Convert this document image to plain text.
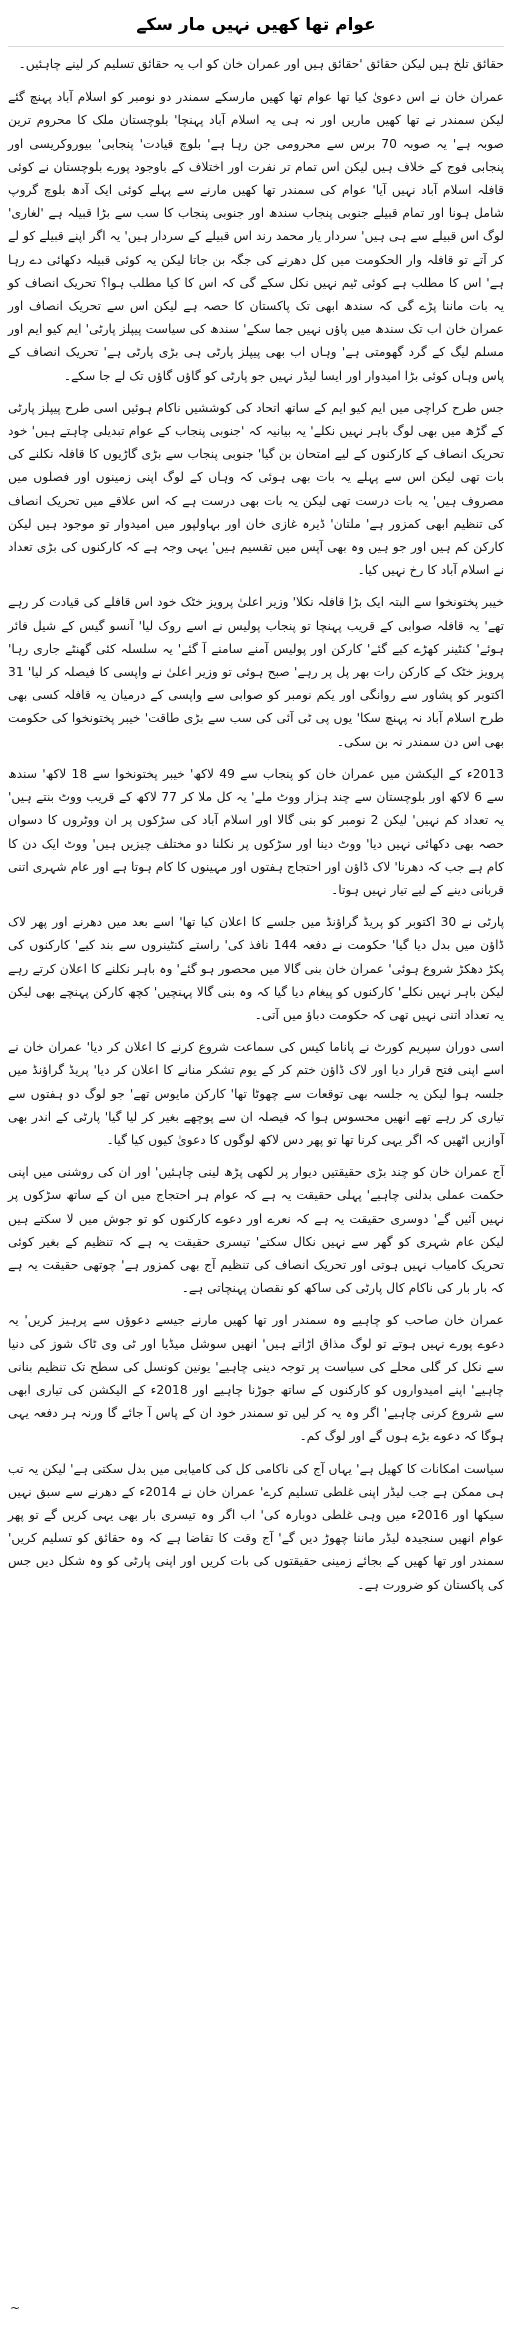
عوام تھا کھیں نہیں مار سکے

حقائق تلخ ہیں لیکن حقائق 'حقائق ہیں اور عمران خان کو اب یہ حقائق تسلیم کر لینے چاہئیں۔

عمران خان نے اس دعویٰ کیا تھا عوام تھا کھیں مارسکے سمندر دو نومبر کو اسلام آباد پہنچ گئے لیکن سمندر نے تھا کھیں ماریں اور نہ ہی یہ اسلام آباد پہنچا' بلوچستان ملک کا محروم ترین صوبہ ہے' یہ صوبہ 70 برس سے محرومی جن رہا ہے' بلوچ قیادت' پنجابی' بیوروکریسی اور پنجابی فوج کے خلاف ہیں لیکن اس تمام تر نفرت اور اختلاف کے باوجود پورے بلوچستان نے کوئی قافلہ اسلام آباد نہیں آیا' عوام کی سمندر تھا کھیں مارنے سے پہلے کوئی ایک آدھ بلوچ گروپ شامل ہونا اور تمام قبیلے جنوبی پنجاب سندھ اور جنوبی پنجاب کا سب سے بڑا قبیلہ ہے 'لغاری' لوگ اس قبیلے سے ہی ہیں' سردار یار محمد رند اس قبیلے کے سردار ہیں' یہ اگر اپنے قبیلے کو لے کر آتے تو قافلہ وار الحکومت میں کل دھرنے کی جگہ بن جاتا لیکن یہ کوئی قبیلہ دکھائی دے رہا ہے' اس کا مطلب ہے کوئی ٹیم نہیں نکل سکے گی کہ اس کا کیا مطلب ہوا؟ تحریک انصاف کو یہ بات ماننا پڑے گی کہ سندھ ابھی تک پاکستان کا حصہ ہے لیکن اس سے تحریک انصاف اور عمران خان اب تک سندھ میں پاؤں نہیں جما سکے' سندھ کی سیاست پیپلز پارٹی' ایم کیو ایم اور مسلم لیگ کے گرد گھومتی ہے' وہاں اب بھی پیپلز پارٹی ہی بڑی پارٹی ہے' تحریک انصاف کے پاس وہاں کوئی بڑا امیدوار اور ایسا لیڈر نہیں جو پارٹی کو گاؤں گاؤں تک لے جا سکے۔

جس طرح کراچی میں ایم کیو ایم کے ساتھ اتحاد کی کوششیں ناکام ہوئیں اسی طرح پیپلز پارٹی کے گڑھ میں بھی لوگ باہر نہیں نکلے' یہ بیانیہ کہ 'جنوبی پنجاب کے عوام تبدیلی چاہتے ہیں' خود تحریک انصاف کے کارکنوں کے لیے امتحان بن گیا' جنوبی پنجاب سے بڑی گاڑیوں کا قافلہ نکلنے کی بات تھی لیکن اس سے پہلے یہ بات بھی ہوئی کہ وہاں کے لوگ اپنی زمینوں اور فصلوں میں مصروف ہیں' یہ بات درست تھی لیکن یہ بات بھی درست ہے کہ اس علاقے میں تحریک انصاف کی تنظیم ابھی کمزور ہے' ملتان' ڈیرہ غازی خان اور بہاولپور میں امیدوار تو موجود ہیں لیکن کارکن کم ہیں اور جو ہیں وہ بھی آپس میں تقسیم ہیں' یہی وجہ ہے کہ کارکنوں کی بڑی تعداد نے اسلام آباد کا رخ نہیں کیا۔

خیبر پختونخوا سے البتہ ایک بڑا قافلہ نکلا' وزیر اعلیٰ پرویز خٹک خود اس قافلے کی قیادت کر رہے تھے' یہ قافلہ صوابی کے قریب پہنچا تو پنجاب پولیس نے اسے روک لیا' آنسو گیس کے شیل فائر ہوئے' کنٹینر کھڑے کیے گئے' کارکن اور پولیس آمنے سامنے آ گئے' یہ سلسلہ کئی گھنٹے جاری رہا' پرویز خٹک کے کارکن رات بھر پل پر رہے' صبح ہوئی تو وزیر اعلیٰ نے واپسی کا فیصلہ کر لیا' 31 اکتوبر کو پشاور سے روانگی اور یکم نومبر کو صوابی سے واپسی کے درمیان یہ قافلہ کسی بھی طرح اسلام آباد نہ پہنچ سکا' یوں پی ٹی آئی کی سب سے بڑی طاقت' خیبر پختونخوا کی حکومت بھی اس دن سمندر نہ بن سکی۔

2013ء کے الیکشن میں عمران خان کو پنجاب سے 49 لاکھ' خیبر پختونخوا سے 18 لاکھ' سندھ سے 6 لاکھ اور بلوچستان سے چند ہزار ووٹ ملے' یہ کل ملا کر 77 لاکھ کے قریب ووٹ بنتے ہیں' یہ تعداد کم نہیں' لیکن 2 نومبر کو بنی گالا اور اسلام آباد کی سڑکوں پر ان ووٹروں کا دسواں حصہ بھی دکھائی نہیں دیا' ووٹ دینا اور سڑکوں پر نکلنا دو مختلف چیزیں ہیں' ووٹ ایک دن کا کام ہے جب کہ دھرنا' لاک ڈاؤن اور احتجاج ہفتوں اور مہینوں کا کام ہوتا ہے اور عام شہری اتنی قربانی دینے کے لیے تیار نہیں ہوتا۔

پارٹی نے 30 اکتوبر کو پریڈ گراؤنڈ میں جلسے کا اعلان کیا تھا' اسے بعد میں دھرنے اور پھر لاک ڈاؤن میں بدل دیا گیا' حکومت نے دفعہ 144 نافذ کی' راستے کنٹینروں سے بند کیے' کارکنوں کی پکڑ دھکڑ شروع ہوئی' عمران خان بنی گالا میں محصور ہو گئے' وہ باہر نکلنے کا اعلان کرتے رہے لیکن باہر نہیں نکلے' کارکنوں کو پیغام دیا گیا کہ وہ بنی گالا پہنچیں' کچھ کارکن پہنچے بھی لیکن یہ تعداد اتنی نہیں تھی کہ حکومت دباؤ میں آتی۔

اسی دوران سپریم کورٹ نے پاناما کیس کی سماعت شروع کرنے کا اعلان کر دیا' عمران خان نے اسے اپنی فتح قرار دیا اور لاک ڈاؤن ختم کر کے یوم تشکر منانے کا اعلان کر دیا' پریڈ گراؤنڈ میں جلسہ ہوا لیکن یہ جلسہ بھی توقعات سے چھوٹا تھا' کارکن مایوس تھے' جو لوگ دو ہفتوں سے تیاری کر رہے تھے انھیں محسوس ہوا کہ فیصلہ ان سے پوچھے بغیر کر لیا گیا' پارٹی کے اندر بھی آوازیں اٹھیں کہ اگر یہی کرنا تھا تو پھر دس لاکھ لوگوں کا دعویٰ کیوں کیا گیا۔

آج عمران خان کو چند بڑی حقیقتیں دیوار پر لکھی پڑھ لینی چاہئیں' اور ان کی روشنی میں اپنی حکمت عملی بدلنی چاہیے' پہلی حقیقت یہ ہے کہ عوام ہر احتجاج میں ان کے ساتھ سڑکوں پر نہیں آئیں گے' دوسری حقیقت یہ ہے کہ نعرے اور دعوے کارکنوں کو تو جوش میں لا سکتے ہیں لیکن عام شہری کو گھر سے نہیں نکال سکتے' تیسری حقیقت یہ ہے کہ تنظیم کے بغیر کوئی تحریک کامیاب نہیں ہوتی اور تحریک انصاف کی تنظیم آج بھی کمزور ہے' چوتھی حقیقت یہ ہے کہ بار بار کی ناکام کال پارٹی کی ساکھ کو نقصان پہنچاتی ہے۔

عمران خان صاحب کو چاہیے وہ سمندر اور تھا کھیں مارنے جیسے دعوؤں سے پرہیز کریں' یہ دعوے پورے نہیں ہوتے تو لوگ مذاق اڑاتے ہیں' انھیں سوشل میڈیا اور ٹی وی ٹاک شوز کی دنیا سے نکل کر گلی محلے کی سیاست پر توجہ دینی چاہیے' یونین کونسل کی سطح تک تنظیم بنانی چاہیے' اپنے امیدواروں کو کارکنوں کے ساتھ جوڑنا چاہیے اور 2018ء کے الیکشن کی تیاری ابھی سے شروع کرنی چاہیے' اگر وہ یہ کر لیں تو سمندر خود ان کے پاس آ جائے گا ورنہ ہر دفعہ یہی ہوگا کہ دعوے بڑے ہوں گے اور لوگ کم۔

سیاست امکانات کا کھیل ہے' یہاں آج کی ناکامی کل کی کامیابی میں بدل سکتی ہے' لیکن یہ تب ہی ممکن ہے جب لیڈر اپنی غلطی تسلیم کرے' عمران خان نے 2014ء کے دھرنے سے سبق نہیں سیکھا اور 2016ء میں وہی غلطی دوبارہ کی' اب اگر وہ تیسری بار بھی یہی کریں گے تو پھر عوام انھیں سنجیدہ لیڈر ماننا چھوڑ دیں گے' آج وقت کا تقاضا ہے کہ وہ حقائق کو تسلیم کریں' سمندر اور تھا کھیں کے بجائے زمینی حقیقتوں کی بات کریں اور اپنی پارٹی کو وہ شکل دیں جس کی پاکستان کو ضرورت ہے۔

~
